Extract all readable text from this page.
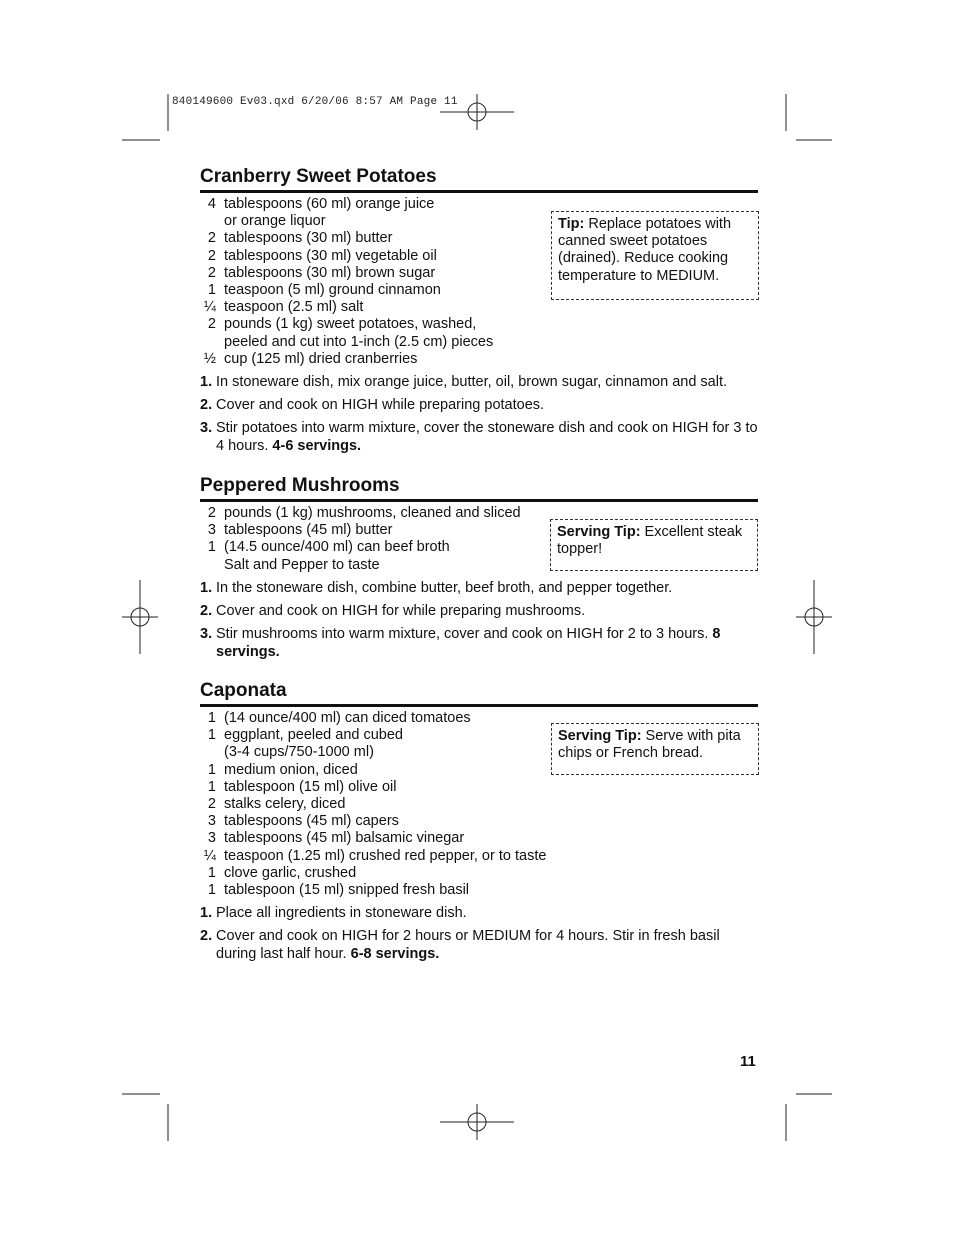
840149600 Ev03.qxd 6/20/06 8:57 AM Page 11
Cranberry Sweet Potatoes
4 tablespoons (60 ml) orange juice
or orange liquor
2 tablespoons (30 ml) butter
2 tablespoons (30 ml) vegetable oil
2 tablespoons (30 ml) brown sugar
1 teaspoon (5 ml) ground cinnamon
¼ teaspoon (2.5 ml) salt
2 pounds (1 kg) sweet potatoes, washed,
peeled and cut into 1-inch (2.5 cm) pieces
½ cup (125 ml) dried cranberries
1. In stoneware dish, mix orange juice, butter, oil, brown sugar, cinnamon and salt.
2. Cover and cook on HIGH while preparing potatoes.
3. Stir potatoes into warm mixture, cover the stoneware dish and cook on HIGH for 3 to 4 hours. 4-6 servings.
Tip: Replace potatoes with canned sweet potatoes (drained). Reduce cooking temperature to MEDIUM.
Peppered Mushrooms
2 pounds (1 kg) mushrooms, cleaned and sliced
3 tablespoons (45 ml) butter
1 (14.5 ounce/400 ml) can beef broth
Salt and Pepper to taste
1. In the stoneware dish, combine butter, beef broth, and pepper together.
2. Cover and cook on HIGH for while preparing mushrooms.
3. Stir mushrooms into warm mixture, cover and cook on HIGH for 2 to 3 hours. 8 servings.
Serving Tip: Excellent steak topper!
Caponata
1 (14 ounce/400 ml) can diced tomatoes
1 eggplant, peeled and cubed
(3-4 cups/750-1000 ml)
1 medium onion, diced
1 tablespoon (15 ml) olive oil
2 stalks celery, diced
3 tablespoons (45 ml) capers
3 tablespoons (45 ml) balsamic vinegar
¼ teaspoon (1.25 ml) crushed red pepper, or to taste
1 clove garlic, crushed
1 tablespoon (15 ml) snipped fresh basil
1. Place all ingredients in stoneware dish.
2. Cover and cook on HIGH for 2 hours or MEDIUM for 4 hours. Stir in fresh basil during last half hour. 6-8 servings.
Serving Tip: Serve with pita chips or French bread.
11
